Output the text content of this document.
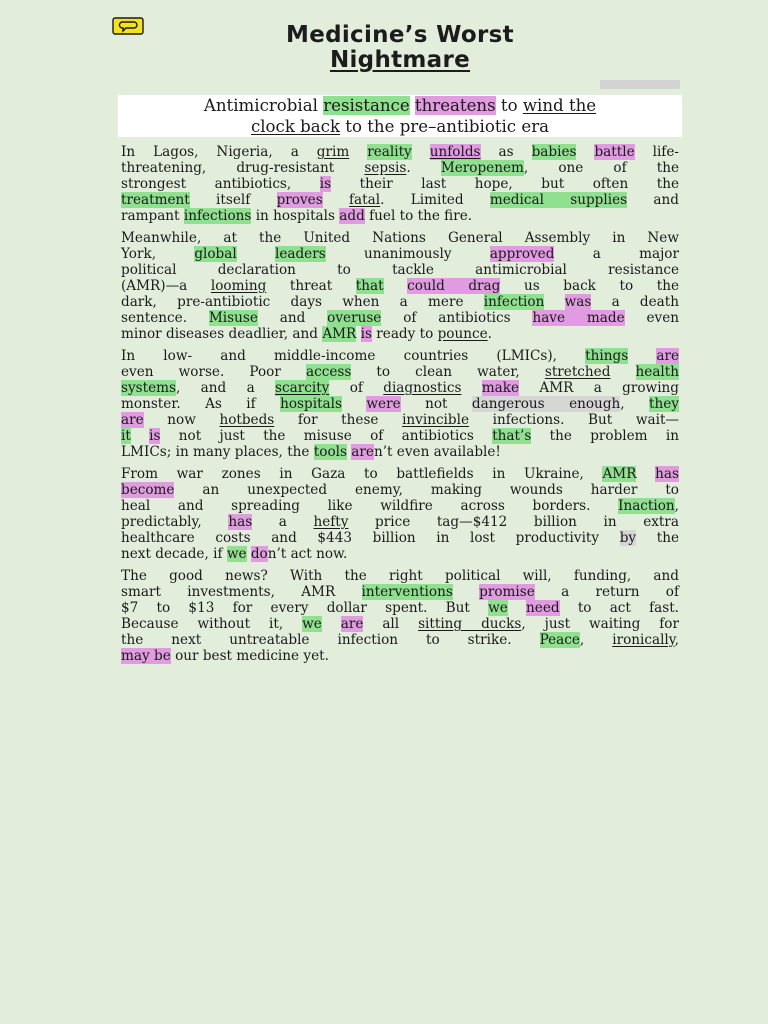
Medicine’s Worst
Nightmare
Antimicrobial resistance threatens to wind the
clock back to the pre–antibiotic era
In Lagos, Nigeria, a grim reality unfolds as babies battle life-
threatening, drug-resistant sepsis. Meropenem, one of the
strongest antibiotics, is their last hope, but often the
treatment itself proves fatal. Limited medical supplies and
rampant infections in hospitals add fuel to the fire.
Meanwhile, at the United Nations General Assembly in New
York, global	leaders unanimously approved a major
political declaration to tackle antimicrobial resistance
(AMR)—a looming threat that could drag us back to the
dark, pre-antibiotic days when a mere infection was a death
sentence. Misuse and overuse of antibiotics have made even
minor diseases deadlier, and AMR is ready to pounce.
In low- and middle-income countries (LMICs), things are
even worse. Poor access to clean water, stretched health
systems, and a scarcity of diagnostics make AMR a growing
monster. As if hospitals were not dangerous enough, they
are now hotbeds for these invincible infections. But wait—
it is not just the misuse of antibiotics that’s the problem in
LMICs; in many places, the tools aren’t even available!
From war zones in Gaza to battlefields in Ukraine, AMR has
become an unexpected enemy, making wounds harder to
heal and spreading like wildfire across borders. Inaction,
predictably, has a hefty price tag—$412 billion in extra
healthcare costs and $443 billion in lost productivity by the
next decade, if we don’t act now.
The good news? With the right political will, funding, and
smart investments, AMR interventions promise a return of
$7 to $13 for every dollar spent. But we need to act fast.
Because without it, we are all sitting ducks, just waiting for
the next untreatable infection to strike. Peace, ironically,
may be our best medicine yet.
